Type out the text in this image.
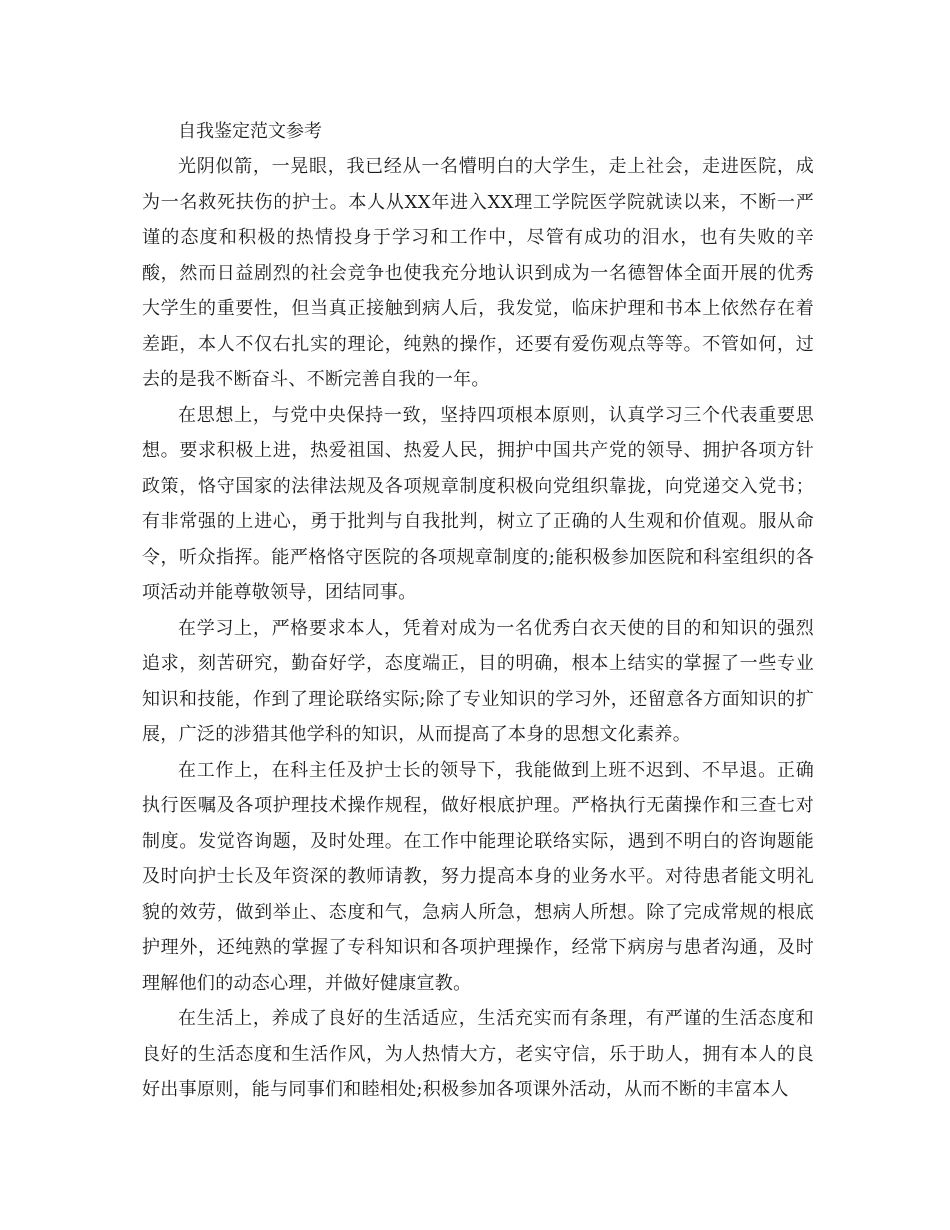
自我鉴定范文参考

光阴似箭，一晃眼，我已经从一名懵明白的大学生，走上社会，走进医院，成为一名救死扶伤的护士。本人从XX年进入XX理工学院医学院就读以来，不断一严谨的态度和积极的热情投身于学习和工作中，尽管有成功的泪水，也有失败的辛酸，然而日益剧烈的社会竞争也使我充分地认识到成为一名德智体全面开展的优秀大学生的重要性，但当真正接触到病人后，我发觉，临床护理和书本上依然存在着差距，本人不仅右扎实的理论，纯熟的操作，还要有爱伤观点等等。不管如何，过去的是我不断奋斗、不断完善自我的一年。

在思想上，与党中央保持一致，坚持四项根本原则，认真学习三个代表重要思想。要求积极上进，热爱祖国、热爱人民，拥护中国共产党的领导、拥护各项方针政策，恪守国家的法律法规及各项规章制度积极向党组织靠拢，向党递交入党书；有非常强的上进心，勇于批判与自我批判，树立了正确的人生观和价值观。服从命令，听众指挥。能严格恪守医院的各项规章制度的;能积极参加医院和科室组织的各项活动并能尊敬领导，团结同事。

在学习上，严格要求本人，凭着对成为一名优秀白衣天使的目的和知识的强烈追求，刻苦研究，勤奋好学，态度端正，目的明确，根本上结实的掌握了一些专业知识和技能，作到了理论联络实际;除了专业知识的学习外，还留意各方面知识的扩展，广泛的涉猎其他学科的知识，从而提高了本身的思想文化素养。

在工作上，在科主任及护士长的领导下，我能做到上班不迟到、不早退。正确执行医嘱及各项护理技术操作规程，做好根底护理。严格执行无菌操作和三查七对制度。发觉咨询题，及时处理。在工作中能理论联络实际，遇到不明白的咨询题能及时向护士长及年资深的教师请教，努力提高本身的业务水平。对待患者能文明礼貌的效劳，做到举止、态度和气，急病人所急，想病人所想。除了完成常规的根底护理外，还纯熟的掌握了专科知识和各项护理操作，经常下病房与患者沟通，及时理解他们的动态心理，并做好健康宣教。

在生活上，养成了良好的生活适应，生活充实而有条理，有严谨的生活态度和良好的生活态度和生活作风，为人热情大方，老实守信，乐于助人，拥有本人的良好出事原则，能与同事们和睦相处;积极参加各项课外活动，从而不断的丰富本人
